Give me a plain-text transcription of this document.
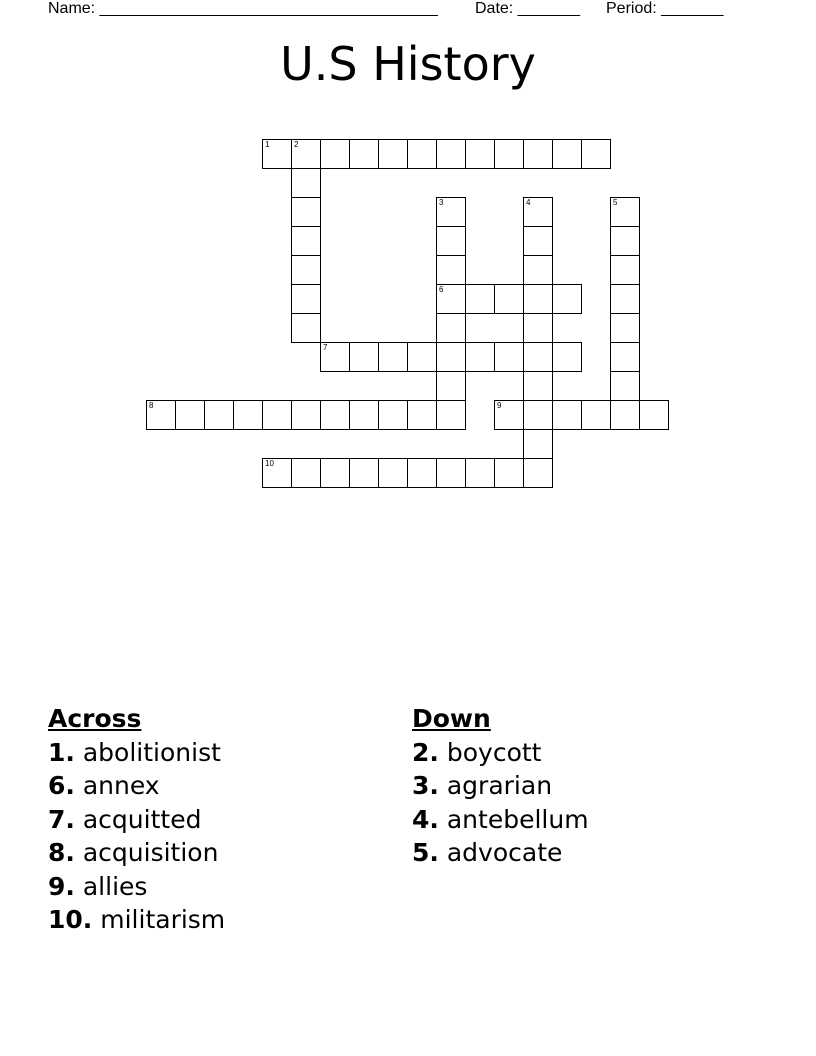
Name: ______________________________________ Date: _______ Period: _______
U.S History
1	2
3
6
4	5
7
8	9
10
Across
1. abolitionist
6. annex
7. acquitted
8. acquisition
9. allies
10. militarism
Down
2. boycott
3. agrarian
4. antebellum
5. advocate
